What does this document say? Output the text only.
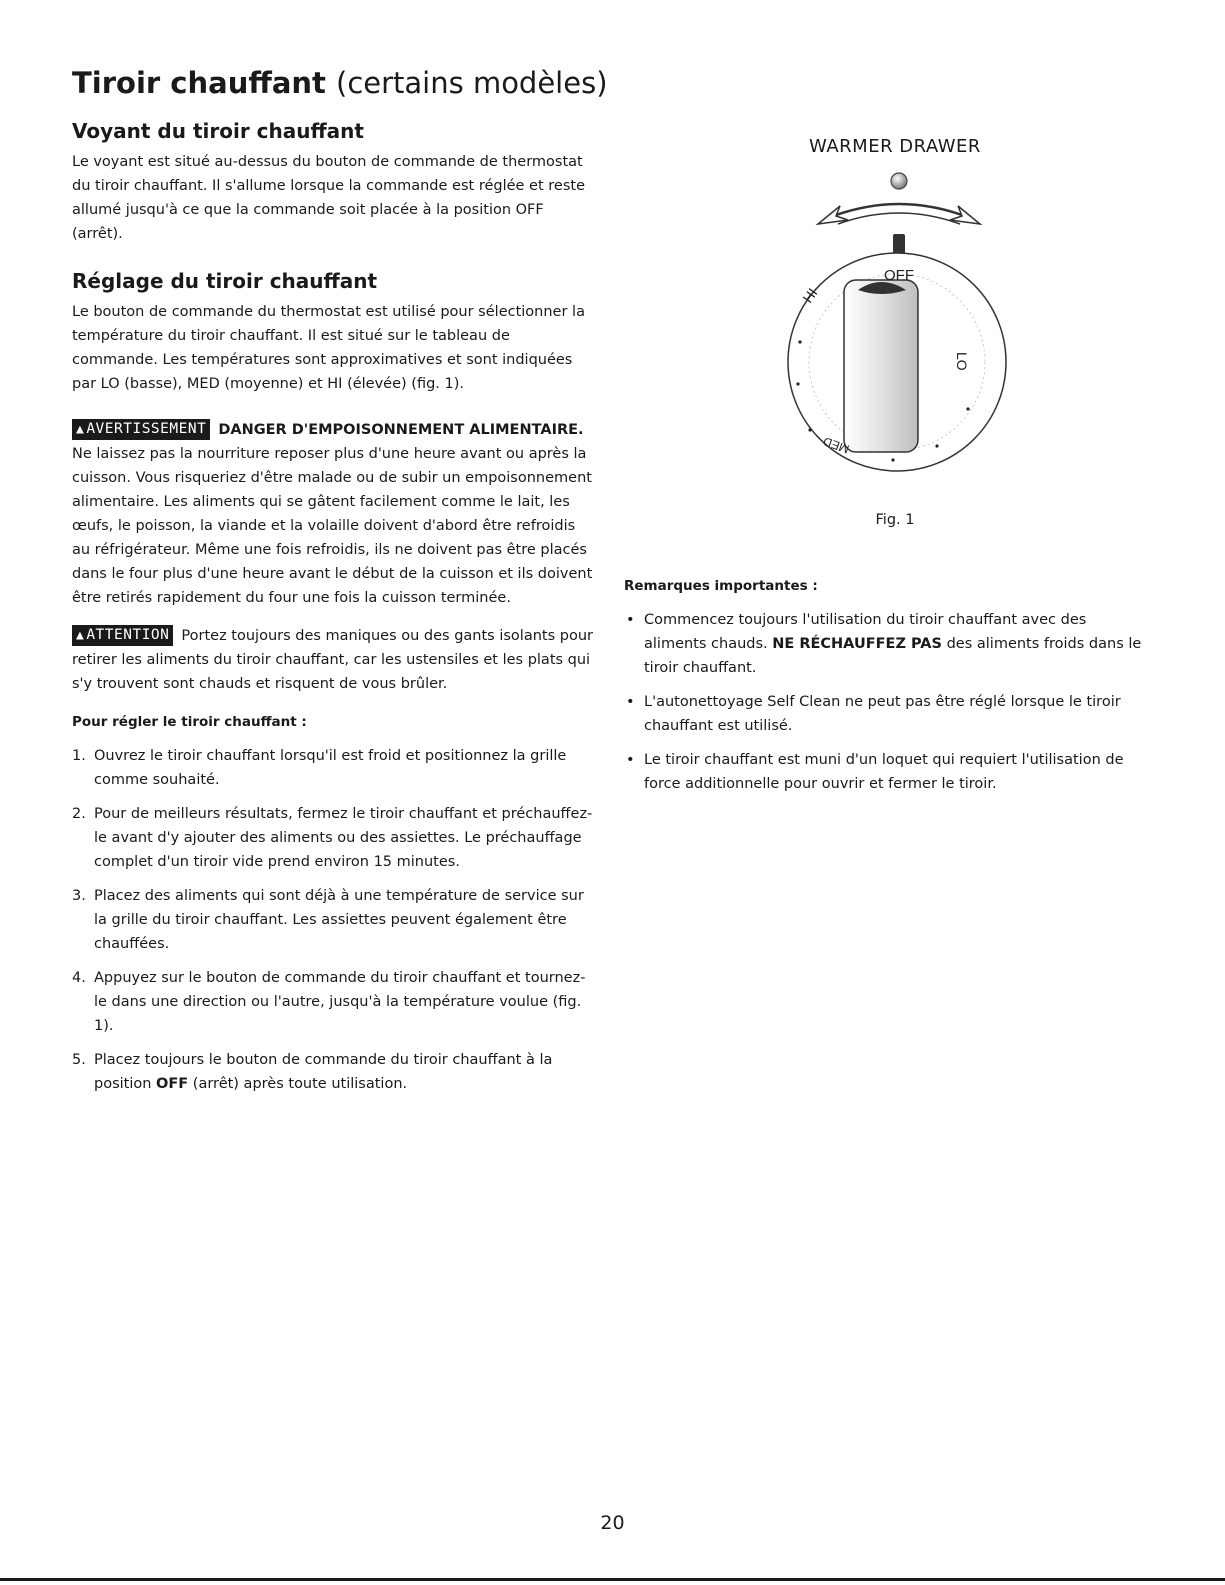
Tiroir chauffant (certains modèles)
Voyant du tiroir chauffant

Le voyant est situé au-dessus du bouton de commande de thermostat du tiroir chauffant. Il s'allume lorsque la commande est réglée et reste allumé jusqu'à ce que la commande soit placée à la position OFF (arrêt).

Réglage du tiroir chauffant

Le bouton de commande du thermostat est utilisé pour sélectionner la température du tiroir chauffant. Il est situé sur le tableau de commande. Les températures sont approximatives et sont indiquées par LO (basse), MED (moyenne) et HI (élevée) (fig. 1).

▲ AVERTISSEMENT DANGER D'EMPOISONNEMENT ALIMENTAIRE. Ne laissez pas la nourriture reposer plus d'une heure avant ou après la cuisson. Vous risqueriez d'être malade ou de subir un empoisonnement alimentaire. Les aliments qui se gâtent facilement comme le lait, les œufs, le poisson, la viande et la volaille doivent d'abord être refroidis au réfrigérateur. Même une fois refroidis, ils ne doivent pas être placés dans le four plus d'une heure avant le début de la cuisson et ils doivent être retirés rapidement du four une fois la cuisson terminée.

▲ ATTENTION Portez toujours des maniques ou des gants isolants pour retirer les aliments du tiroir chauffant, car les ustensiles et les plats qui s'y trouvent sont chauds et risquent de vous brûler.

Pour régler le tiroir chauffant :
1. Ouvrez le tiroir chauffant lorsqu'il est froid et positionnez la grille comme souhaité.
2. Pour de meilleurs résultats, fermez le tiroir chauffant et préchauffez-le avant d'y ajouter des aliments ou des assiettes. Le préchauffage complet d'un tiroir vide prend environ 15 minutes.
3. Placez des aliments qui sont déjà à une température de service sur la grille du tiroir chauffant. Les assiettes peuvent également être chauffées.
4. Appuyez sur le bouton de commande du tiroir chauffant et tournez-le dans une direction ou l'autre, jusqu'à la température voulue (fig. 1).
5. Placez toujours le bouton de commande du tiroir chauffant à la position OFF (arrêt) après toute utilisation.
WARMER DRAWER
OFF
HI
LO
MED
Fig. 1
Remarques importantes :
• Commencez toujours l'utilisation du tiroir chauffant avec des aliments chauds. NE RÉCHAUFFEZ PAS des aliments froids dans le tiroir chauffant.
• L'autonettoyage Self Clean ne peut pas être réglé lorsque le tiroir chauffant est utilisé.
• Le tiroir chauffant est muni d'un loquet qui requiert l'utilisation de force additionnelle pour ouvrir et fermer le tiroir.
20
